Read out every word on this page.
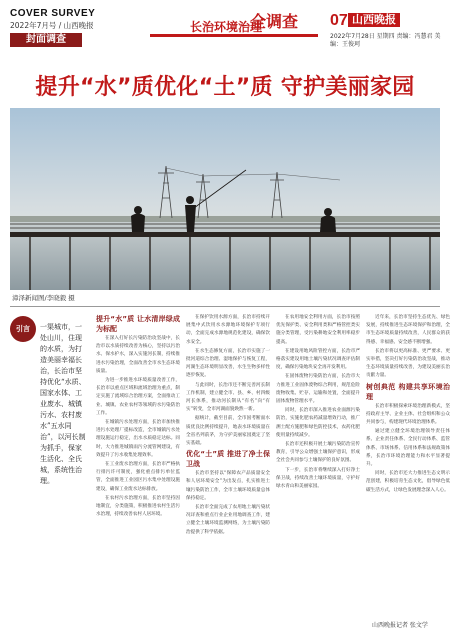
COVER SURVEY
2022年7月号 / 山西晚报
封面调查
长治环境治理
全调查 07 山西晚报
2022年7月28日 星期四 责编：冯慧君 美编：王俊珂
提升“水”质优化“土”质 守护美丽家园
漳泽新闻图/李晓毅 摄
引言	一渠城市，一处山川，住现的水质，为打造美丽幸福长治，长治市坚持优化“水质、国家水体、工业废水、城镇污水、农村废水”五水同治”，以河长制为抓手，保家生活化、全氏城，系统性治理。

提升“水”质 让水清岸绿成为标配

在深入打好长污染防治攻坚战中，长治市以水质持续改善为核心，坚持以污治水、保水护水，深入实施河长制，持续推进水污染治理，全面改善全市水生态环境质量。

为进一步推进水环境质量改善工作，长治市以重点区域和流域治理为重点，制定实施了流域综合治理方案，全面推动工业、城镇、农业农村等领域的水污染防治工作。

在城镇污水处理方面，长治市加快推进污水处理厂提标改造，全市城镇污水处理设施运行稳定，出水水质稳定达标。同时，大力推进城镇雨污分流管网建设，有效提升了污水收集处理效率。

在工业废水治理方面，长治市严格执行排污许可制度，强化重点排污单位监管，全面推进工业园区污水集中处理设施建设，确保工业废水达标排放。

在农村污水治理方面，长治市坚持因地制宜，分类施策，积极推进农村生活污水治理，持续改善农村人居环境。

在保护饮用水源方面，长治市持续开展集中式饮用水水源地环境保护专项行动，全面完成水源地规范化建设，确保饮水安全。

在水生态修复方面，长治市实施了一批河道综合治理、湿地保护与恢复工程，河湖生态环境明显改善，水生生物多样性逐步恢复。

与此同时，长治市还不断完善河长制工作机制，建立健全市、县、乡、村四级河长体系，推动河长制从“有名”向“有实”转变，全市河湖面貌焕然一新。

据统计，截至目前，全市国考断面水质优良比例持续提升，地表水环境质量在全省名列前茅，为守护美丽家园奠定了坚实基础。

优化“土”质 推进了净土保卫战

长治市坚持以“保障农产品质量安全和人居环境安全”为出发点，扎实推进土壤污染防治工作，全市土壤环境质量总体保持稳定。

长治市全面完成了农用地土壤污染状况详查和重点行业企业用地调查工作，建立健全土壤环境监测网络，为土壤污染防治提供了科学依据。

在农用地安全利用方面，长治市按照优先保护类、安全利用类和严格管控类实施分类管理，受污染耕地安全利用率稳步提高。

在建设用地风险管控方面，长治市严格落实建设用地土壤污染状况调查评估制度，确保污染地块安全再开发利用。

在固体废物污染防治方面，长治市大力推进工业固体废物综合利用，规范危险废物收集、贮存、运输和处置，全面提升固体废物管理水平。

同时，长治市深入推进农业面源污染防治，实施化肥农药减量增效行动，推广测土配方施肥和绿色防控技术，农药化肥使用量持续减少。

长治市还积极开展土壤污染防治宣传教育，引导公众增强土壤保护意识，形成全社会共同参与土壤保护的良好氛围。

下一步，长治市将继续深入打好净土保卫战，持续改善土壤环境质量，守护好绿水青山和美丽家园。

近年来，长治市坚持生态优先、绿色发展，持续推进生态环境保护和治理，全市生态环境质量持续改善，人民群众的获得感、幸福感、安全感不断增强。

长治市将以更高标准、更严要求、更实举措，坚决打好污染防治攻坚战，推动生态环境质量持续改善，为建设美丽长治贡献力量。

树创典范 构建共享环境治理

长治市积极探索环境治理新模式，坚持政府主导、企业主体、社会组织和公众共同参与，构建现代环境治理体系。

通过建立健全环境治理领导责任体系、企业责任体系、全民行动体系、监管体系、市场体系、信用体系和法规政策体系，长治市环境治理能力和水平显著提升。

同时，长治市还大力推进生态文明示范创建，积极培育生态文化，倡导绿色低碳生活方式，让绿色发展理念深入人心。

山西晚报记者 张文学
